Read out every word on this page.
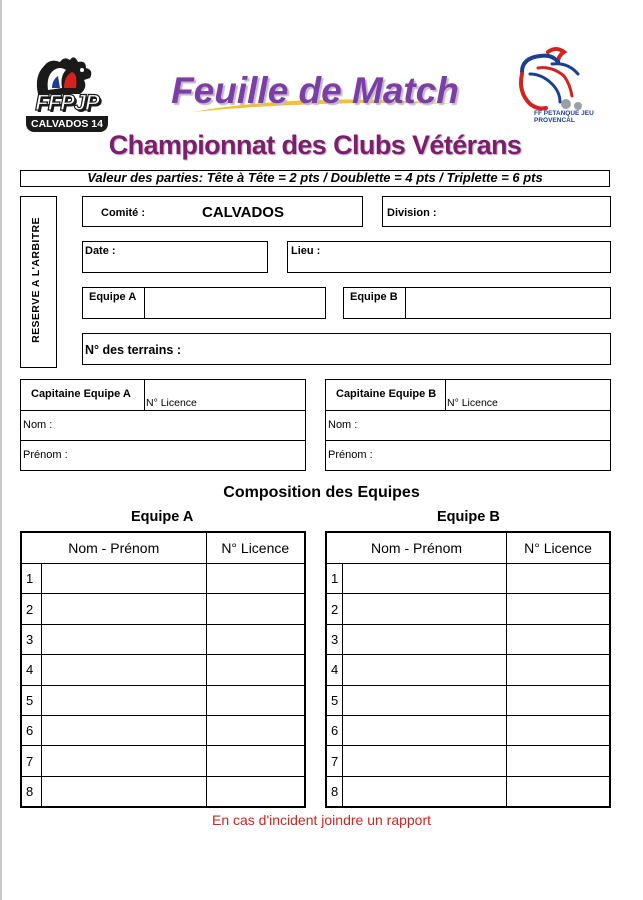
FFPJP
CALVADOS 14
FF PETANQUE JEU PROVENCAL
Feuille de Match
Championnat des Clubs Vétérans
Valeur des parties: Tête à Tête = 2 pts / Doublette = 4 pts / Triplette = 6 pts
RESERVE A L'ARBITRE
Comité :	CALVADOS	Division :
Date :	Lieu :
Equipe A	Equipe B
N° des terrains :
Capitaine Equipe A
N° Licence
Nom :
Prénom :
Capitaine Equipe B
N° Licence
Nom :
Prénom :
Composition des Equipes
Equipe A	Equipe B
Nom - Prénom		N° Licence
1		
2		
3		
4		
5		
6		
7		
8		
Nom - Prénom		N° Licence
1		
2		
3		
4		
5		
6		
7		
8		
En cas d'incident joindre un rapport
